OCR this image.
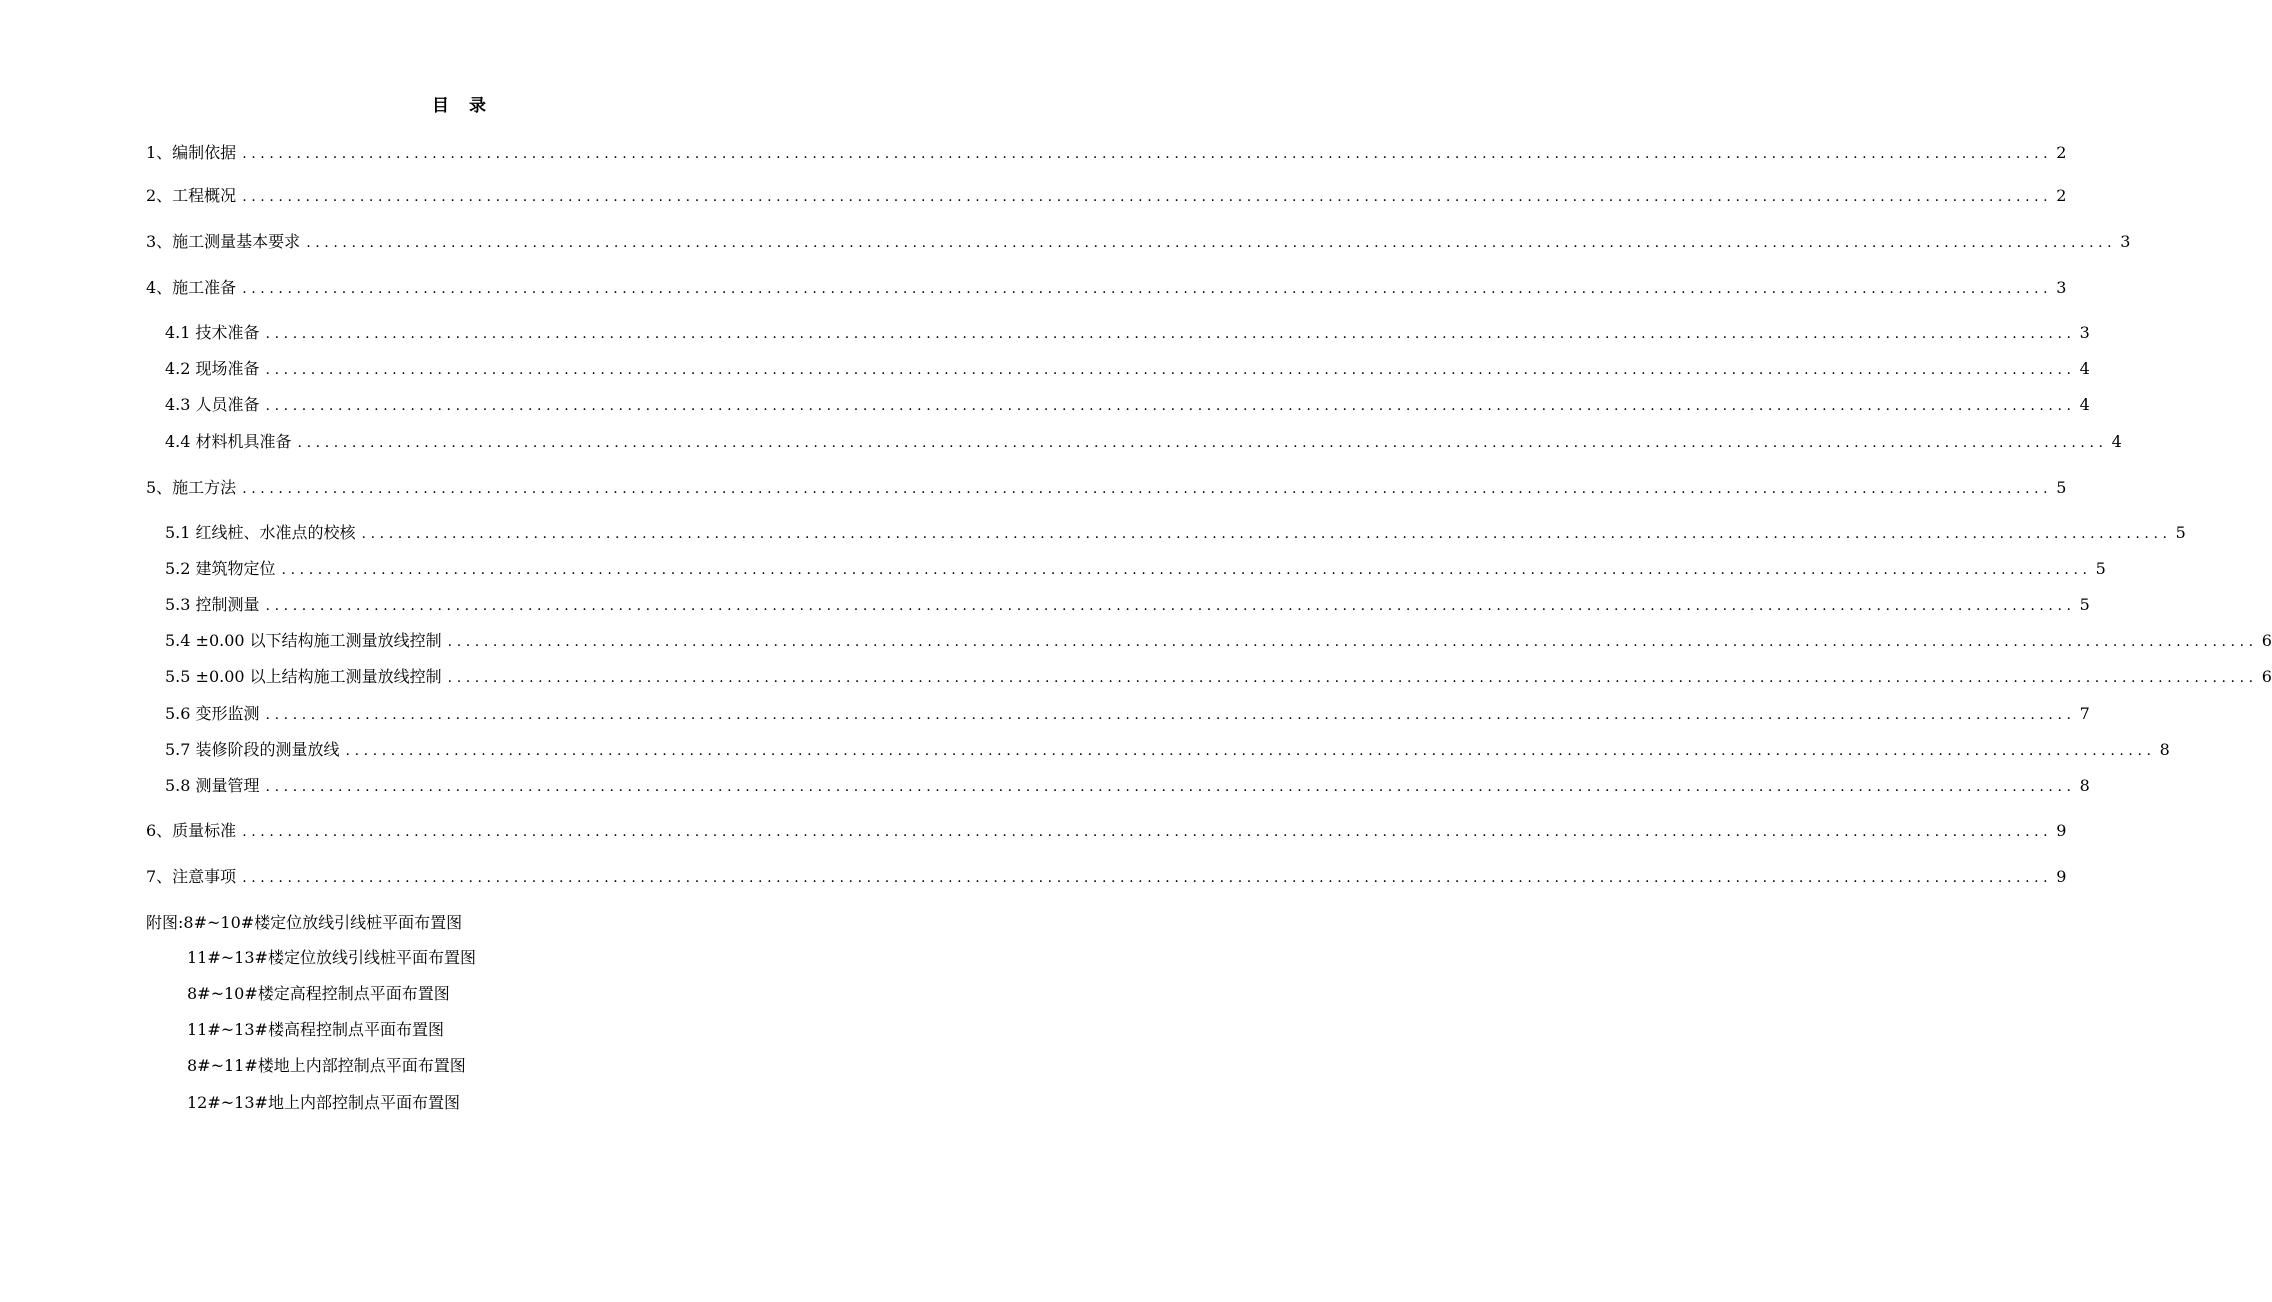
目 录
1、编制依据 ........................................................................................................................................................................................................ 2
2、工程概况 ........................................................................................................................................................................................................ 2
3、施工测量基本要求 ........................................................................................................................................................................................................ 3
4、施工准备 ........................................................................................................................................................................................................ 3
4.1 技术准备 ........................................................................................................................................................................................................ 3
4.2 现场准备 ........................................................................................................................................................................................................ 4
4.3 人员准备 ........................................................................................................................................................................................................ 4
4.4 材料机具准备 ........................................................................................................................................................................................................ 4
5、施工方法 ........................................................................................................................................................................................................ 5
5.1 红线桩、水准点的校核 ........................................................................................................................................................................................................ 5
5.2 建筑物定位 ........................................................................................................................................................................................................ 5
5.3 控制测量 ........................................................................................................................................................................................................ 5
5.4 ±0.00 以下结构施工测量放线控制 ........................................................................................................................................................................................................ 6
5.5 ±0.00 以上结构施工测量放线控制 ........................................................................................................................................................................................................ 6
5.6 变形监测 ........................................................................................................................................................................................................ 7
5.7 装修阶段的测量放线 ........................................................................................................................................................................................................ 8
5.8 测量管理 ........................................................................................................................................................................................................ 8
6、质量标准 ........................................................................................................................................................................................................ 9
7、注意事项 ........................................................................................................................................................................................................ 9
附图:8#~10#楼定位放线引线桩平面布置图
11#~13#楼定位放线引线桩平面布置图
8#~10#楼定高程控制点平面布置图
11#~13#楼高程控制点平面布置图
8#~11#楼地上内部控制点平面布置图
12#~13#地上内部控制点平面布置图
